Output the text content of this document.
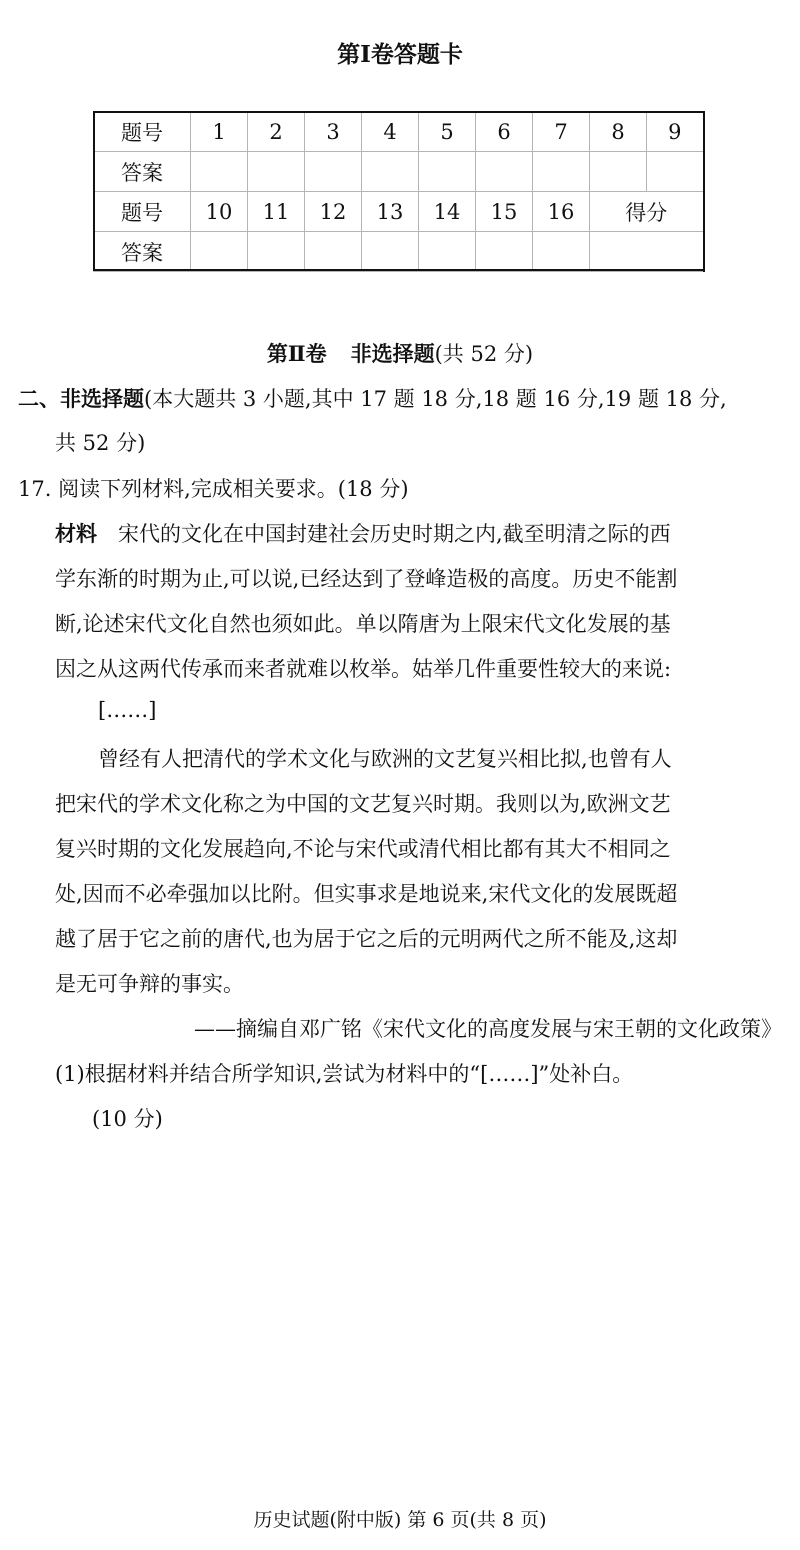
第Ⅰ卷答题卡
题号	1	2	3	4	5	6	7	8	9
答案									
题号	10	11	12	13	14	15	16	得分	
答案									
第Ⅱ卷 非选择题(共 52 分)
二、非选择题(本大题共 3 小题,其中 17 题 18 分,18 题 16 分,19 题 18 分,
共 52 分)
17. 阅读下列材料,完成相关要求。(18 分)
材料 宋代的文化在中国封建社会历史时期之内,截至明清之际的西
学东渐的时期为止,可以说,已经达到了登峰造极的高度。历史不能割
断,论述宋代文化自然也须如此。单以隋唐为上限宋代文化发展的基
因之从这两代传承而来者就难以枚举。姑举几件重要性较大的来说:
[……]
曾经有人把清代的学术文化与欧洲的文艺复兴相比拟,也曾有人
把宋代的学术文化称之为中国的文艺复兴时期。我则以为,欧洲文艺
复兴时期的文化发展趋向,不论与宋代或清代相比都有其大不相同之
处,因而不必牵强加以比附。但实事求是地说来,宋代文化的发展既超
越了居于它之前的唐代,也为居于它之后的元明两代之所不能及,这却
是无可争辩的事实。
——摘编自邓广铭《宋代文化的高度发展与宋王朝的文化政策》
(1)根据材料并结合所学知识,尝试为材料中的“[……]”处补白。
(10 分)
历史试题(附中版) 第 6 页(共 8 页)
